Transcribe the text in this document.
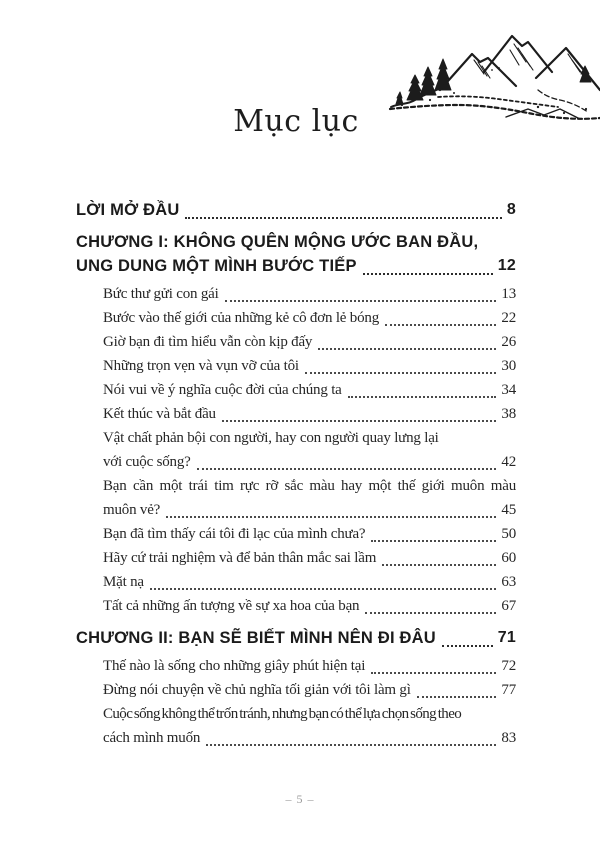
Mục lục
LỜI MỞ ĐẦU	8
CHƯƠNG I: KHÔNG QUÊN MỘNG ƯỚC BAN ĐẦU,
UNG DUNG MỘT MÌNH BƯỚC TIẾP	12
Bức thư gửi con gái	13
Bước vào thế giới của những kẻ cô đơn lẻ bóng	22
Giờ bạn đi tìm hiểu vẫn còn kịp đấy	26
Những trọn vẹn và vụn vỡ của tôi	30
Nói vui về ý nghĩa cuộc đời của chúng ta	34
Kết thúc và bắt đầu	38
Vật chất phản bội con người, hay con người quay lưng lại
với cuộc sống?	42
Bạn cần một trái tim rực rỡ sắc màu hay một thế giới muôn màu
muôn vẻ?	45
Bạn đã tìm thấy cái tôi đi lạc của mình chưa?	50
Hãy cứ trải nghiệm và để bản thân mắc sai lầm	60
Mặt nạ	63
Tất cả những ấn tượng về sự xa hoa của bạn	67
CHƯƠNG II: BẠN SẼ BIẾT MÌNH NÊN ĐI ĐÂU	71
Thế nào là sống cho những giây phút hiện tại	72
Đừng nói chuyện về chủ nghĩa tối giản với tôi làm gì	77
Cuộc sống không thể trốn tránh, nhưng bạn có thể lựa chọn sống theo
cách mình muốn	83
– 5 –
